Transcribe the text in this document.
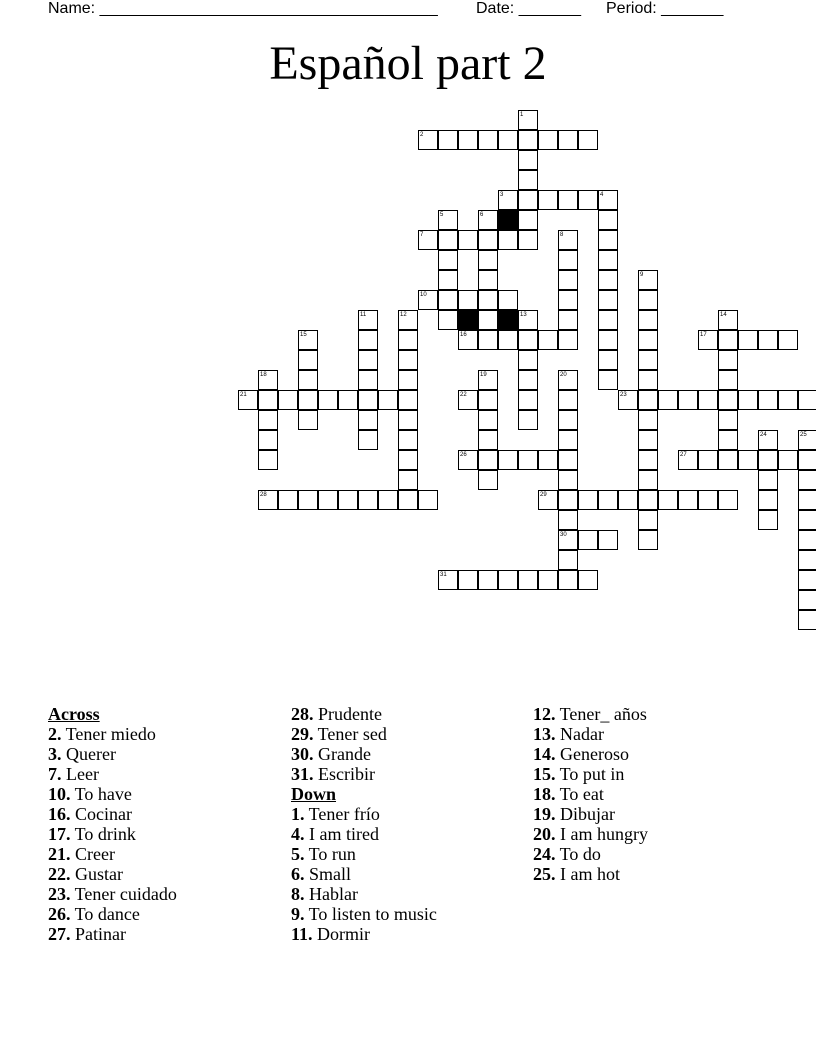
Name: ______________________________________ Date: _______ Period: _______
Español part 2
1
2
3	4
5	6
7	8
9
10
11	12	13	14
15	16	17
18	19	20
21	22	23
24	25
26	27
28	29
30
31
Across
2. Tener miedo
3. Querer
7. Leer
10. To have
16. Cocinar
17. To drink
21. Creer
22. Gustar
23. Tener cuidado
26. To dance
27. Patinar
28. Prudente
29. Tener sed
30. Grande
31. Escribir
Down
1. Tener frío
4. I am tired
5. To run
6. Small
8. Hablar
9. To listen to music
11. Dormir
12. Tener_ años
13. Nadar
14. Generoso
15. To put in
18. To eat
19. Dibujar
20. I am hungry
24. To do
25. I am hot
